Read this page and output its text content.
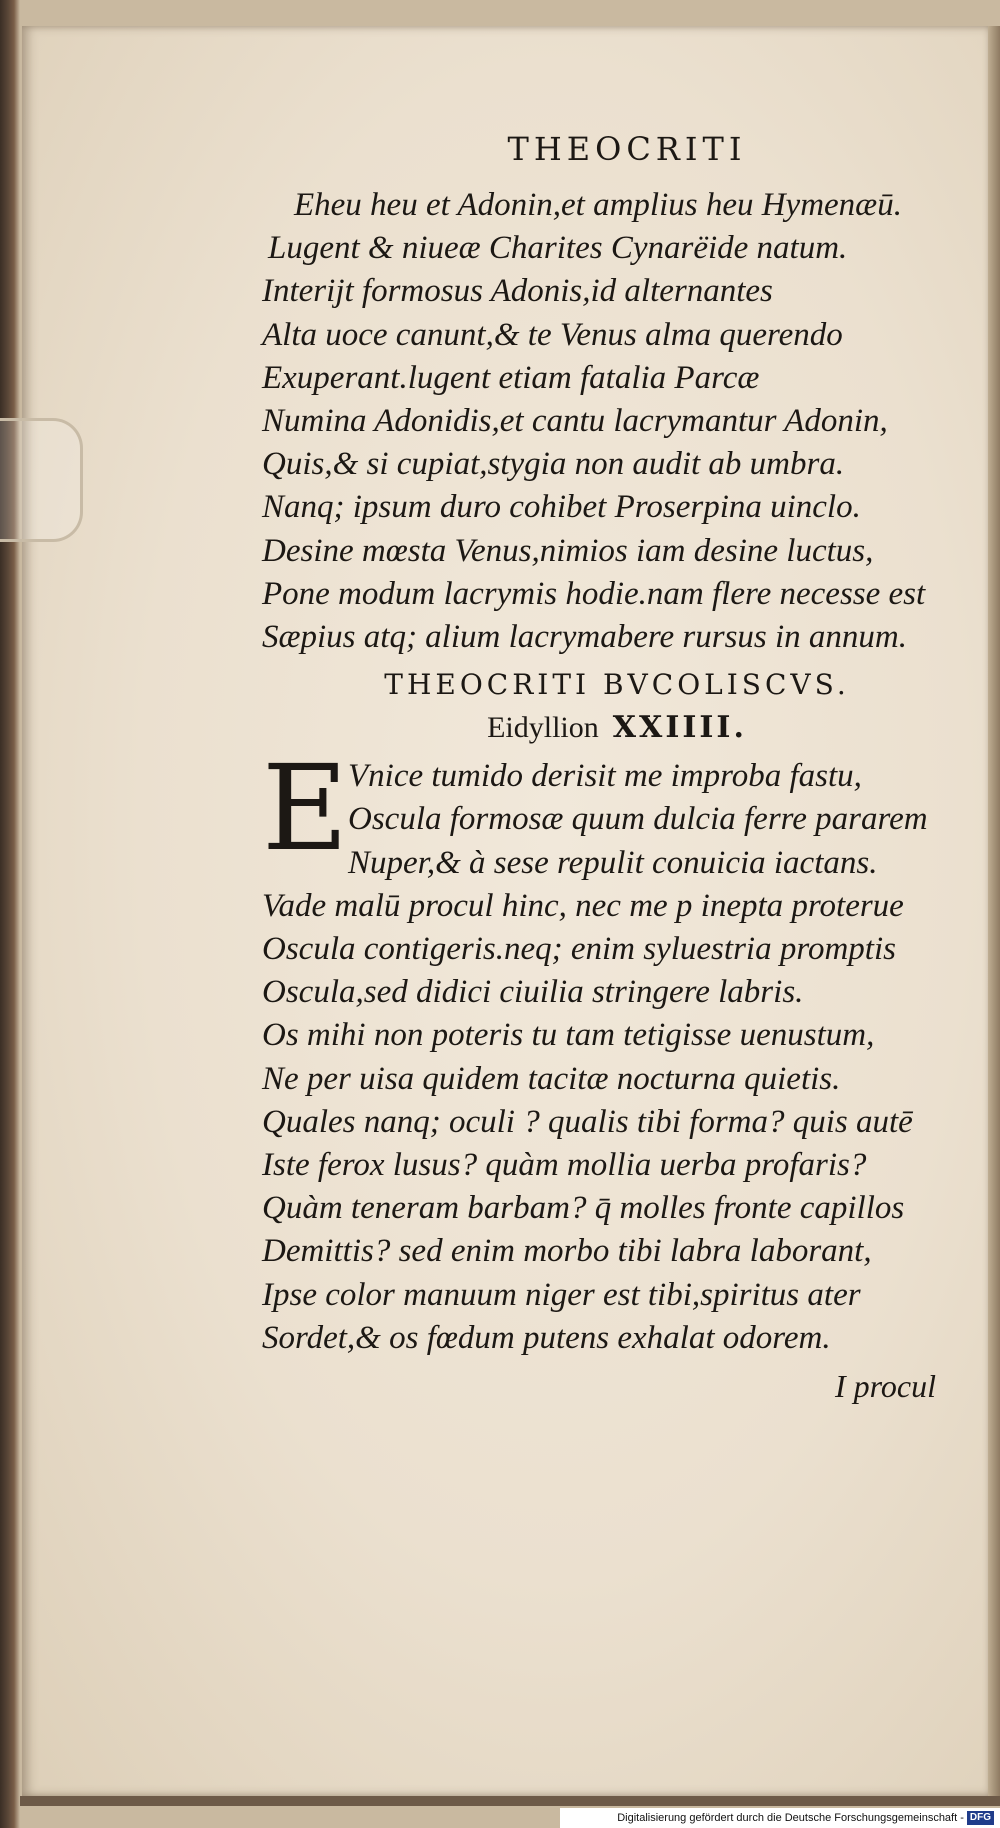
THEOCRITI
Eheu heu et Adonin,et amplius heu Hymenæū.
Lugent & niueæ Charites Cynarëide natum.
Interijt formosus Adonis,id alternantes
Alta uoce canunt,& te Venus alma querendo
Exuperant.lugent etiam fatalia Parcæ
Numina Adonidis,et cantu lacrymantur Adonin,
Quis,& si cupiat,stygia non audit ab umbra.
Nanq; ipsum duro cohibet Proserpina uinclo.
Desine mœsta Venus,nimios iam desine luctus,
Pone modum lacrymis hodie.nam flere necesse est
Sæpius atq; alium lacrymabere rursus in annum.
THEOCRITI BVCOLISCVS.
Eidyllion XXIIII.
E Vnice tumido derisit me improba fastu,
Oscula formosæ quum dulcia ferre pararem
Nuper,& à sese repulit conuicia iactans.
Vade malū procul hinc, nec me p inepta proterue
Oscula contigeris.neq; enim syluestria promptis
Oscula,sed didici ciuilia stringere labris.
Os mihi non poteris tu tam tetigisse uenustum,
Ne per uisa quidem tacitæ nocturna quietis.
Quales nanq; oculi ? qualis tibi forma? quis autē
Iste ferox lusus? quàm mollia uerba profaris?
Quàm teneram barbam? q̄ molles fronte capillos
Demittis? sed enim morbo tibi labra laborant,
Ipse color manuum niger est tibi,spiritus ater
Sordet,& os fœdum putens exhalat odorem.
I procul
Digitalisierung gefördert durch die Deutsche Forschungsgemeinschaft - DFG
